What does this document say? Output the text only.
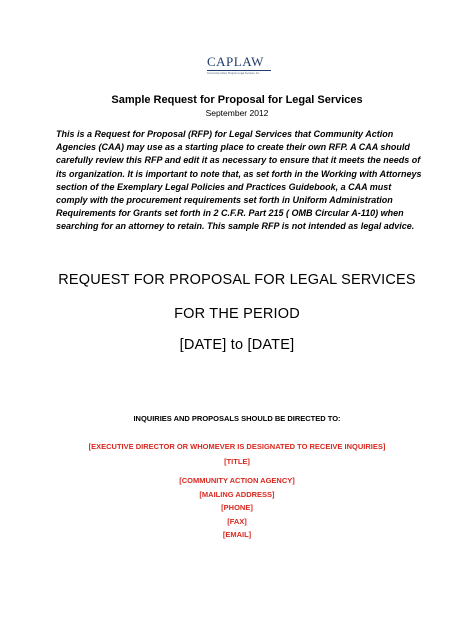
CAPLAW
Community Action Program Legal Services, Inc.
Sample Request for Proposal for Legal Services
September 2012
This is a Request for Proposal (RFP) for Legal Services that Community Action Agencies (CAA) may use as a starting place to create their own RFP. A CAA should carefully review this RFP and edit it as necessary to ensure that it meets the needs of its organization. It is important to note that, as set forth in the Working with Attorneys section of the Exemplary Legal Policies and Practices Guidebook, a CAA must comply with the procurement requirements set forth in Uniform Administration Requirements for Grants set forth in 2 C.F.R. Part 215 ( OMB Circular A-110) when searching for an attorney to retain. This sample RFP is not intended as legal advice.
REQUEST FOR PROPOSAL FOR LEGAL SERVICES
FOR THE PERIOD
[DATE] to [DATE]
INQUIRIES AND PROPOSALS SHOULD BE DIRECTED TO:
[EXECUTIVE DIRECTOR OR WHOMEVER IS DESIGNATED TO RECEIVE INQUIRIES]
[TITLE]
[COMMUNITY ACTION AGENCY]
[MAILING ADDRESS]
[PHONE]
[FAX]
[EMAIL]
